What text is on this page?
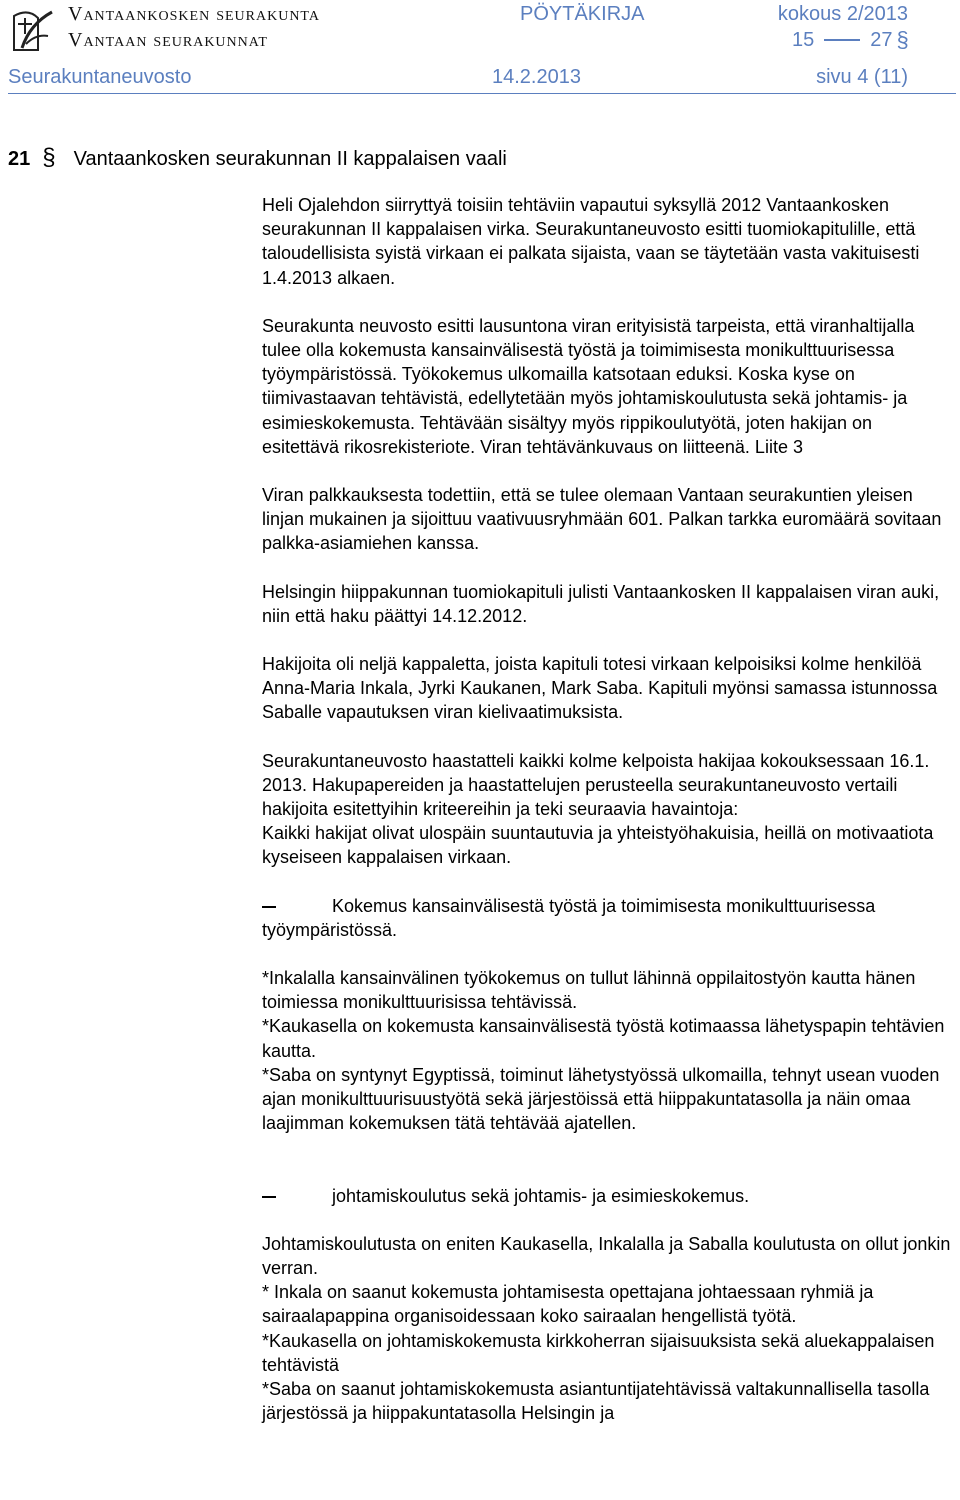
Vantaankosken seurakunta
Vantaan seurakunnat
PÖYTÄKIRJA	kokous 2/2013
15	27 §
Seurakuntaneuvosto	14.2.2013	sivu 4 (11)
21 § Vantaankosken seurakunnan II kappalaisen vaali

Heli Ojalehdon siirryttyä toisiin tehtäviin vapautui syksyllä 2012 Vantaankosken seurakunnan II kappalaisen virka. Seurakuntaneuvosto esitti tuomiokapitulille, että taloudellisista syistä virkaan ei palkata sijaista, vaan se täytetään vasta vakituisesti 1.4.2013 alkaen.

Seurakunta neuvosto esitti lausuntona viran erityisistä tarpeista, että viranhaltijalla tulee olla kokemusta kansainvälisestä työstä ja toimimisesta monikulttuurisessa työympäristössä. Työkokemus ulkomailla katsotaan eduksi. Koska kyse on tiimivastaavan tehtävistä, edellytetään myös johtamiskoulutusta sekä johtamis- ja esimieskokemusta. Tehtävään sisältyy myös rippikoulutyötä, joten hakijan on esitettävä rikosrekisteriote. Viran tehtävänkuvaus on liitteenä. Liite 3

Viran palkkauksesta todettiin, että se tulee olemaan Vantaan seurakuntien yleisen linjan mukainen ja sijoittuu vaativuusryhmään 601. Palkan tarkka euromäärä sovitaan palkka-asiamiehen kanssa.

Helsingin hiippakunnan tuomiokapituli julisti Vantaankosken II kappalaisen viran auki, niin että haku päättyi 14.12.2012.

Hakijoita oli neljä kappaletta, joista kapituli totesi virkaan kelpoisiksi kolme henkilöä Anna-Maria Inkala, Jyrki Kaukanen, Mark Saba. Kapituli myönsi samassa istunnossa Saballe vapautuksen viran kielivaatimuksista.

Seurakuntaneuvosto haastatteli kaikki kolme kelpoista hakijaa kokouksessaan 16.1. 2013. Hakupapereiden ja haastattelujen perusteella seurakuntaneuvosto vertaili hakijoita esitettyihin kriteereihin ja teki seuraavia havaintoja:

Kaikki hakijat olivat ulospäin suuntautuvia ja yhteistyöhakuisia, heillä on motivaatiota kyseiseen kappalaisen virkaan.

Kokemus kansainvälisestä työstä ja toimimisesta monikulttuurisessa työympäristössä.

*Inkalalla kansainvälinen työkokemus on tullut lähinnä oppilaitostyön kautta hänen toimiessa monikulttuurisissa tehtävissä.

*Kaukasella on kokemusta kansainvälisestä työstä kotimaassa lähetyspapin tehtävien kautta.

*Saba on syntynyt Egyptissä, toiminut lähetystyössä ulkomailla, tehnyt usean vuoden ajan monikulttuurisuustyötä sekä järjestöissä että hiippakuntatasolla ja näin omaa laajimman kokemuksen tätä tehtävää ajatellen.

johtamiskoulutus sekä johtamis- ja esimieskokemus.

Johtamiskoulutusta on eniten Kaukasella, Inkalalla ja Saballa koulutusta on ollut jonkin verran.

* Inkala on saanut kokemusta johtamisesta opettajana johtaessaan ryhmiä ja sairaalapappina organisoidessaan koko sairaalan hengellistä työtä.

*Kaukasella on johtamiskokemusta kirkkoherran sijaisuuksista sekä aluekappalaisen tehtävistä

*Saba on saanut johtamiskokemusta asiantuntijatehtävissä valtakunnallisella tasolla järjestössä ja hiippakuntatasolla Helsingin ja
